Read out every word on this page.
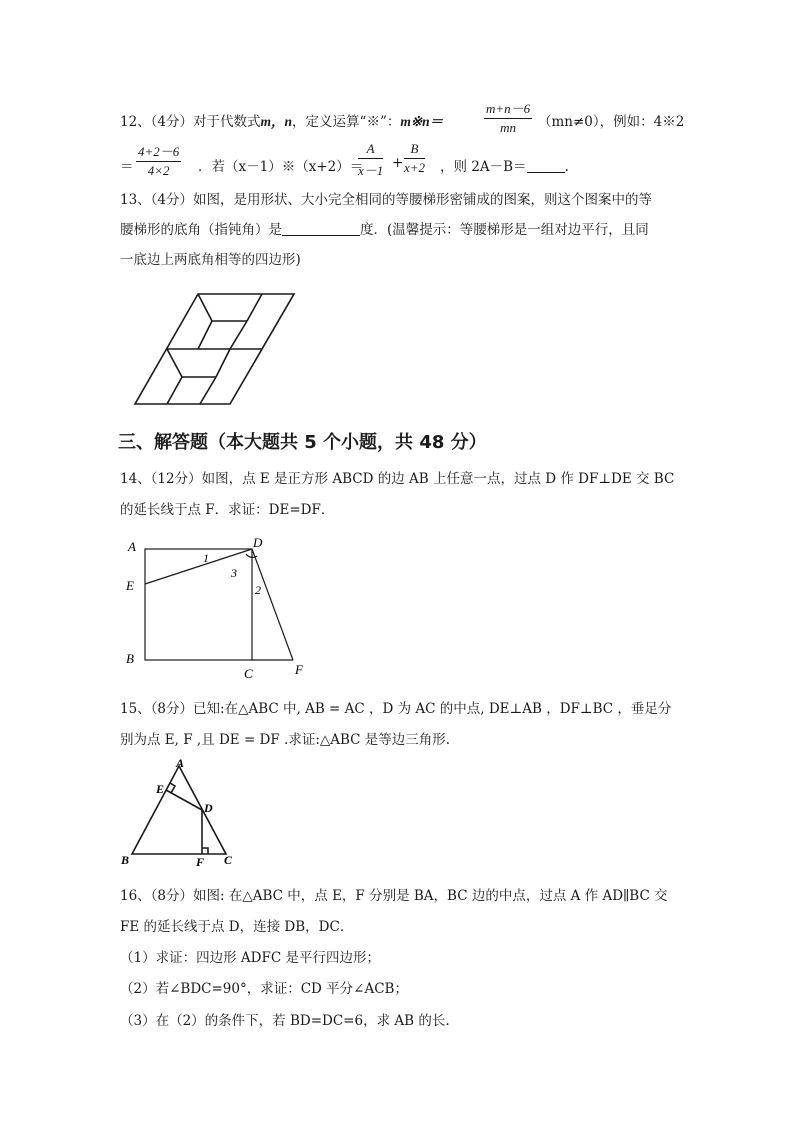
12、（4分）对于代数式m，n，定义运算“※”：m※n＝	$\frac{m+n-6}{mn} (mn\ne 0)$，例如：4※2
＝ $\frac{4+2-6}{4\times 2}$ ．若（x－1）※（x+2）＝
$\frac{A}{x-1} + \frac{B}{x+2}$ ，则 2A－B＝	.
13、（4分）如图，是用形状、大小完全相同的等腰梯形密铺成的图案，则这个图案中的等
腰梯形的底角（指钝角）是	度．(温馨提示：等腰梯形是一组对边平行，且同
一底边上两底角相等的四边形)
三、解答题（本大题共 5 个小题，共 48 分）
14、（12分）如图，点 E 是正方形 ABCD 的边 AB 上任意一点，过点 D 作 DF⊥DE 交 BC
的延长线于点 F．求证：DE=DF．
A	D
E
B
C	F
1
3
2
15、（8分）已知:在△ABC 中, AB = AC ，D 为 AC 的中点, DE⊥AB ，DF⊥BC ，垂足分
别为点 E, F ,且 DE = DF .求证:△ABC 是等边三角形.
A
E
D
B	F C
16、（8分）如图: 在△ABC 中，点 E，F 分别是 BA，BC 边的中点，过点 A 作 AD∥BC 交
FE 的延长线于点 D，连接 DB，DC．
（1）求证：四边形 ADFC 是平行四边形；
（2）若∠BDC=90°，求证：CD 平分∠ACB；
（3）在（2）的条件下，若 BD=DC=6，求 AB 的长.
